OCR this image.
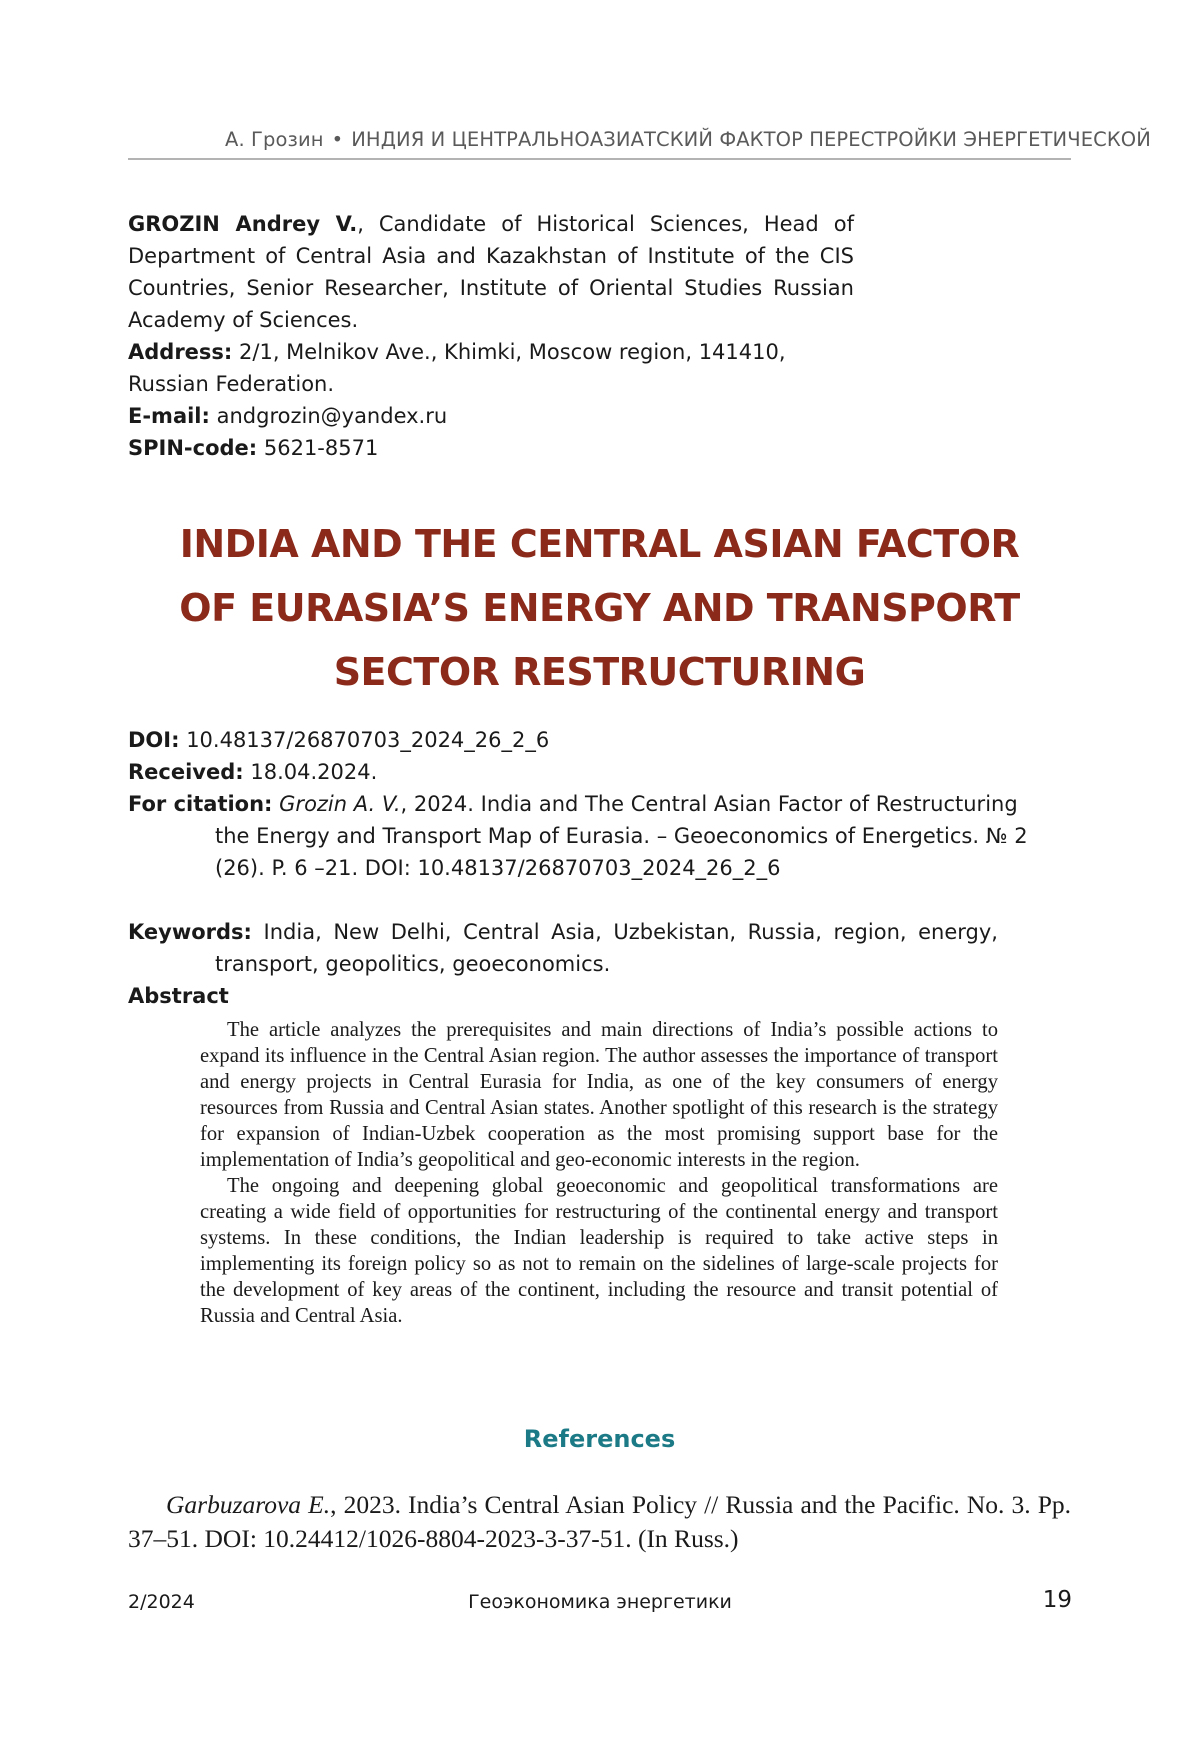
А. Грозин • ИНДИЯ И ЦЕНТРАЛЬНОАЗИАТСКИЙ ФАКТОР ПЕРЕСТРОЙКИ ЭНЕРГЕТИЧЕСКОЙ

GROZIN Andrey V., Candidate of Historical Sciences, Head of Department of Central Asia and Kazakhstan of Institute of the CIS Countries, Senior Researcher, Institute of Oriental Studies Russian Academy of Sciences.

Address: 2/1, Melnikov Ave., Khimki, Moscow region, 141410, Russian Federation.

E-mail: andgrozin@yandex.ru

SPIN-code: 5621-8571

INDIA AND THE CENTRAL ASIAN FACTOR
OF EURASIA’S ENERGY AND TRANSPORT
SECTOR RESTRUCTURING

DOI: 10.48137/26870703_2024_26_2_6

Received: 18.04.2024.

For citation: Grozin A. V., 2024. India and The Central Asian Factor of Restructuring
the Energy and Transport Map of Eurasia. – Geoeconomics of Energetics. № 2
(26). P. 6 –21. DOI: 10.48137/26870703_2024_26_2_6

Keywords: India, New Delhi, Central Asia, Uzbekistan, Russia, region, energy, transport, geopolitics, geoeconomics.

Abstract

The article analyzes the prerequisites and main directions of India’s possible actions to expand its influence in the Central Asian region. The author assesses the importance of transport and energy projects in Central Eurasia for India, as one of the key consumers of energy resources from Russia and Central Asian states. Another spotlight of this research is the strategy for expansion of Indian-Uzbek cooperation as the most promising support base for the implementation of India’s geopolitical and geo-economic interests in the region.

The ongoing and deepening global geoeconomic and geopolitical transformations are creating a wide field of opportunities for restructuring of the continental energy and transport systems. In these conditions, the Indian leadership is required to take active steps in implementing its foreign policy so as not to remain on the sidelines of large-scale projects for the development of key areas of the continent, including the resource and transit potential of Russia and Central Asia.

References
Garbuzarova E., 2023. India’s Central Asian Policy // Russia and the Pacific. No. 3. Pp. 37–51. DOI: 10.24412/1026-8804-2023-3-37-51. (In Russ.)
2/2024	Геоэкономика энергетики	19
